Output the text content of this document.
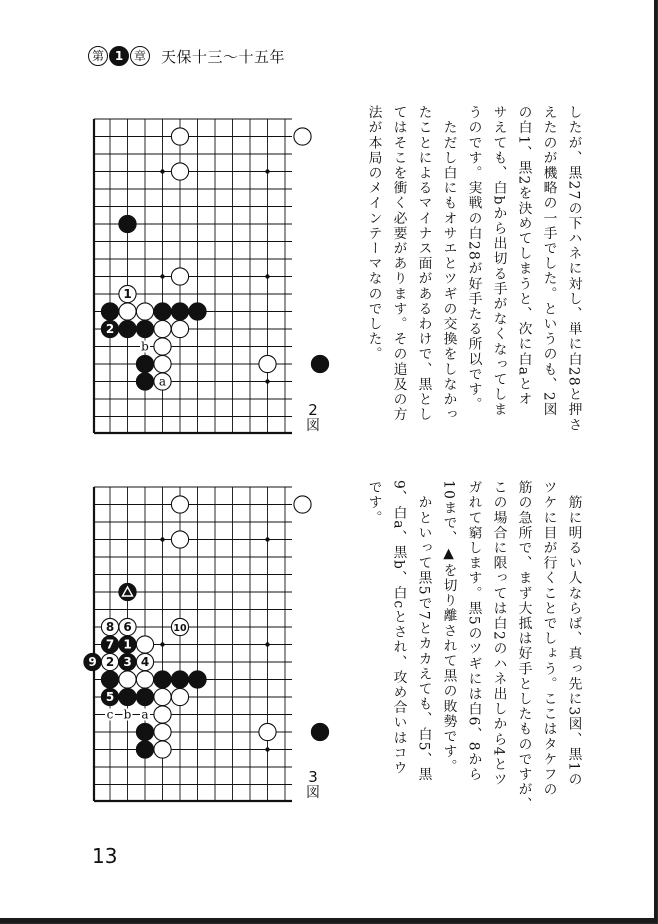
第 1 章 天保十三〜十五年
1
2
b
a
8 6	10
7 1
9 2 3 4
5
c b a
2
図
3
図
したが、黒27の下ハネに対し、単に白28と押さ
えたのが機略の一手でした。というのも、2図
の白1、黒2を決めてしまうと、次に白aとオ
サえても、白bから出切る手がなくなってしま
うのです。実戦の白28が好手たる所以です。
　ただし白にもオサエとツギの交換をしなかっ
たことによるマイナス面があるわけで、黒とし
てはそこを衝く必要があります。その追及の方
法が本局のメインテーマなのでした。
　筋に明るい人ならば、真っ先に3図、黒1の
ツケに目が行くことでしょう。ここはタケフの
筋の急所で、まず大抵は好手としたものですが、
この場合に限っては白2のハネ出しから4とツ
ガれて窮します。黒5のツギには白6、8から
10まで、▲を切り離されて黒の敗勢です。
　かといって黒5で7とカカえても、白5、黒
9、白a、黒b、白cとされ、攻め合いはコウ
です。
13
